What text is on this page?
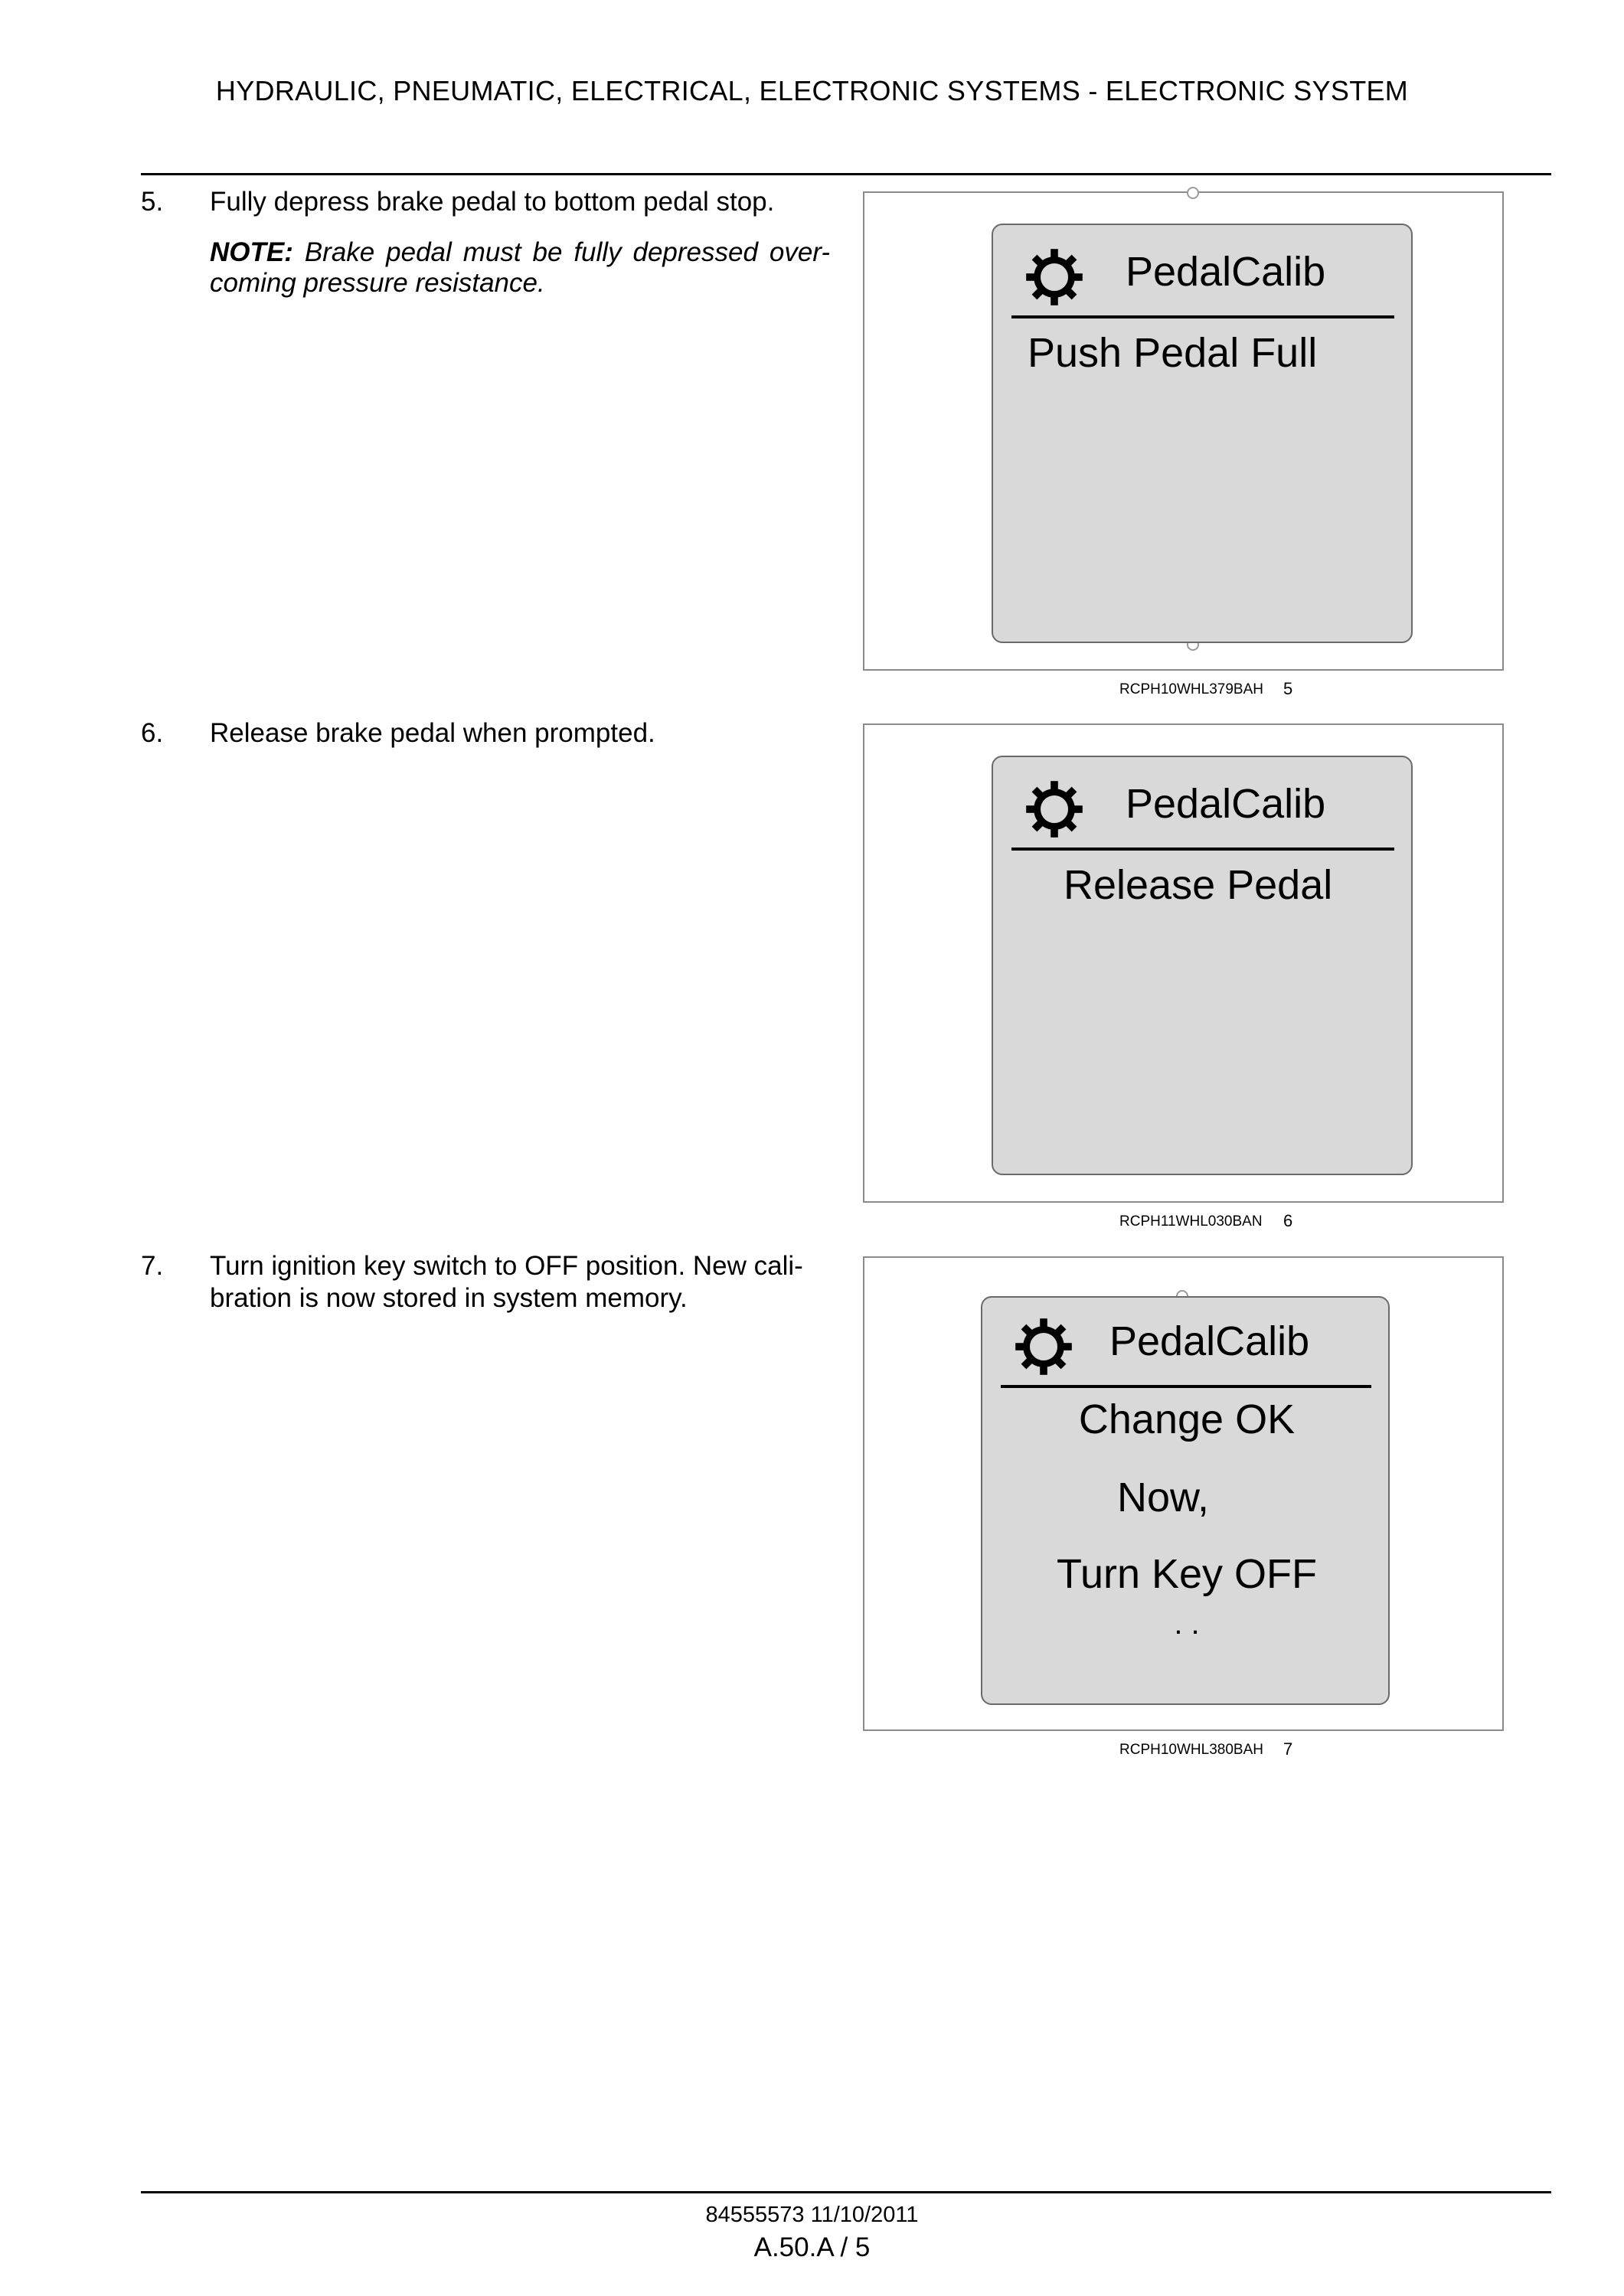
HYDRAULIC, PNEUMATIC, ELECTRICAL, ELECTRONIC SYSTEMS - ELECTRONIC SYSTEM
5. Fully depress brake pedal to bottom pedal stop.
NOTE: Brake pedal must be fully depressed over-coming pressure resistance.	PedalCalib
Push Pedal Full
RCPH10WHL379BAH 5
6. Release brake pedal when prompted.
PedalCalib
Release Pedal
RCPH11WHL030BAN 6
7. Turn ignition key switch to OFF position. New cali-
bration is now stored in system memory.
PedalCalib
Change OK
Now,
Turn Key OFF
. .
RCPH10WHL380BAH 7
84555573 11/10/2011
A.50.A / 5
